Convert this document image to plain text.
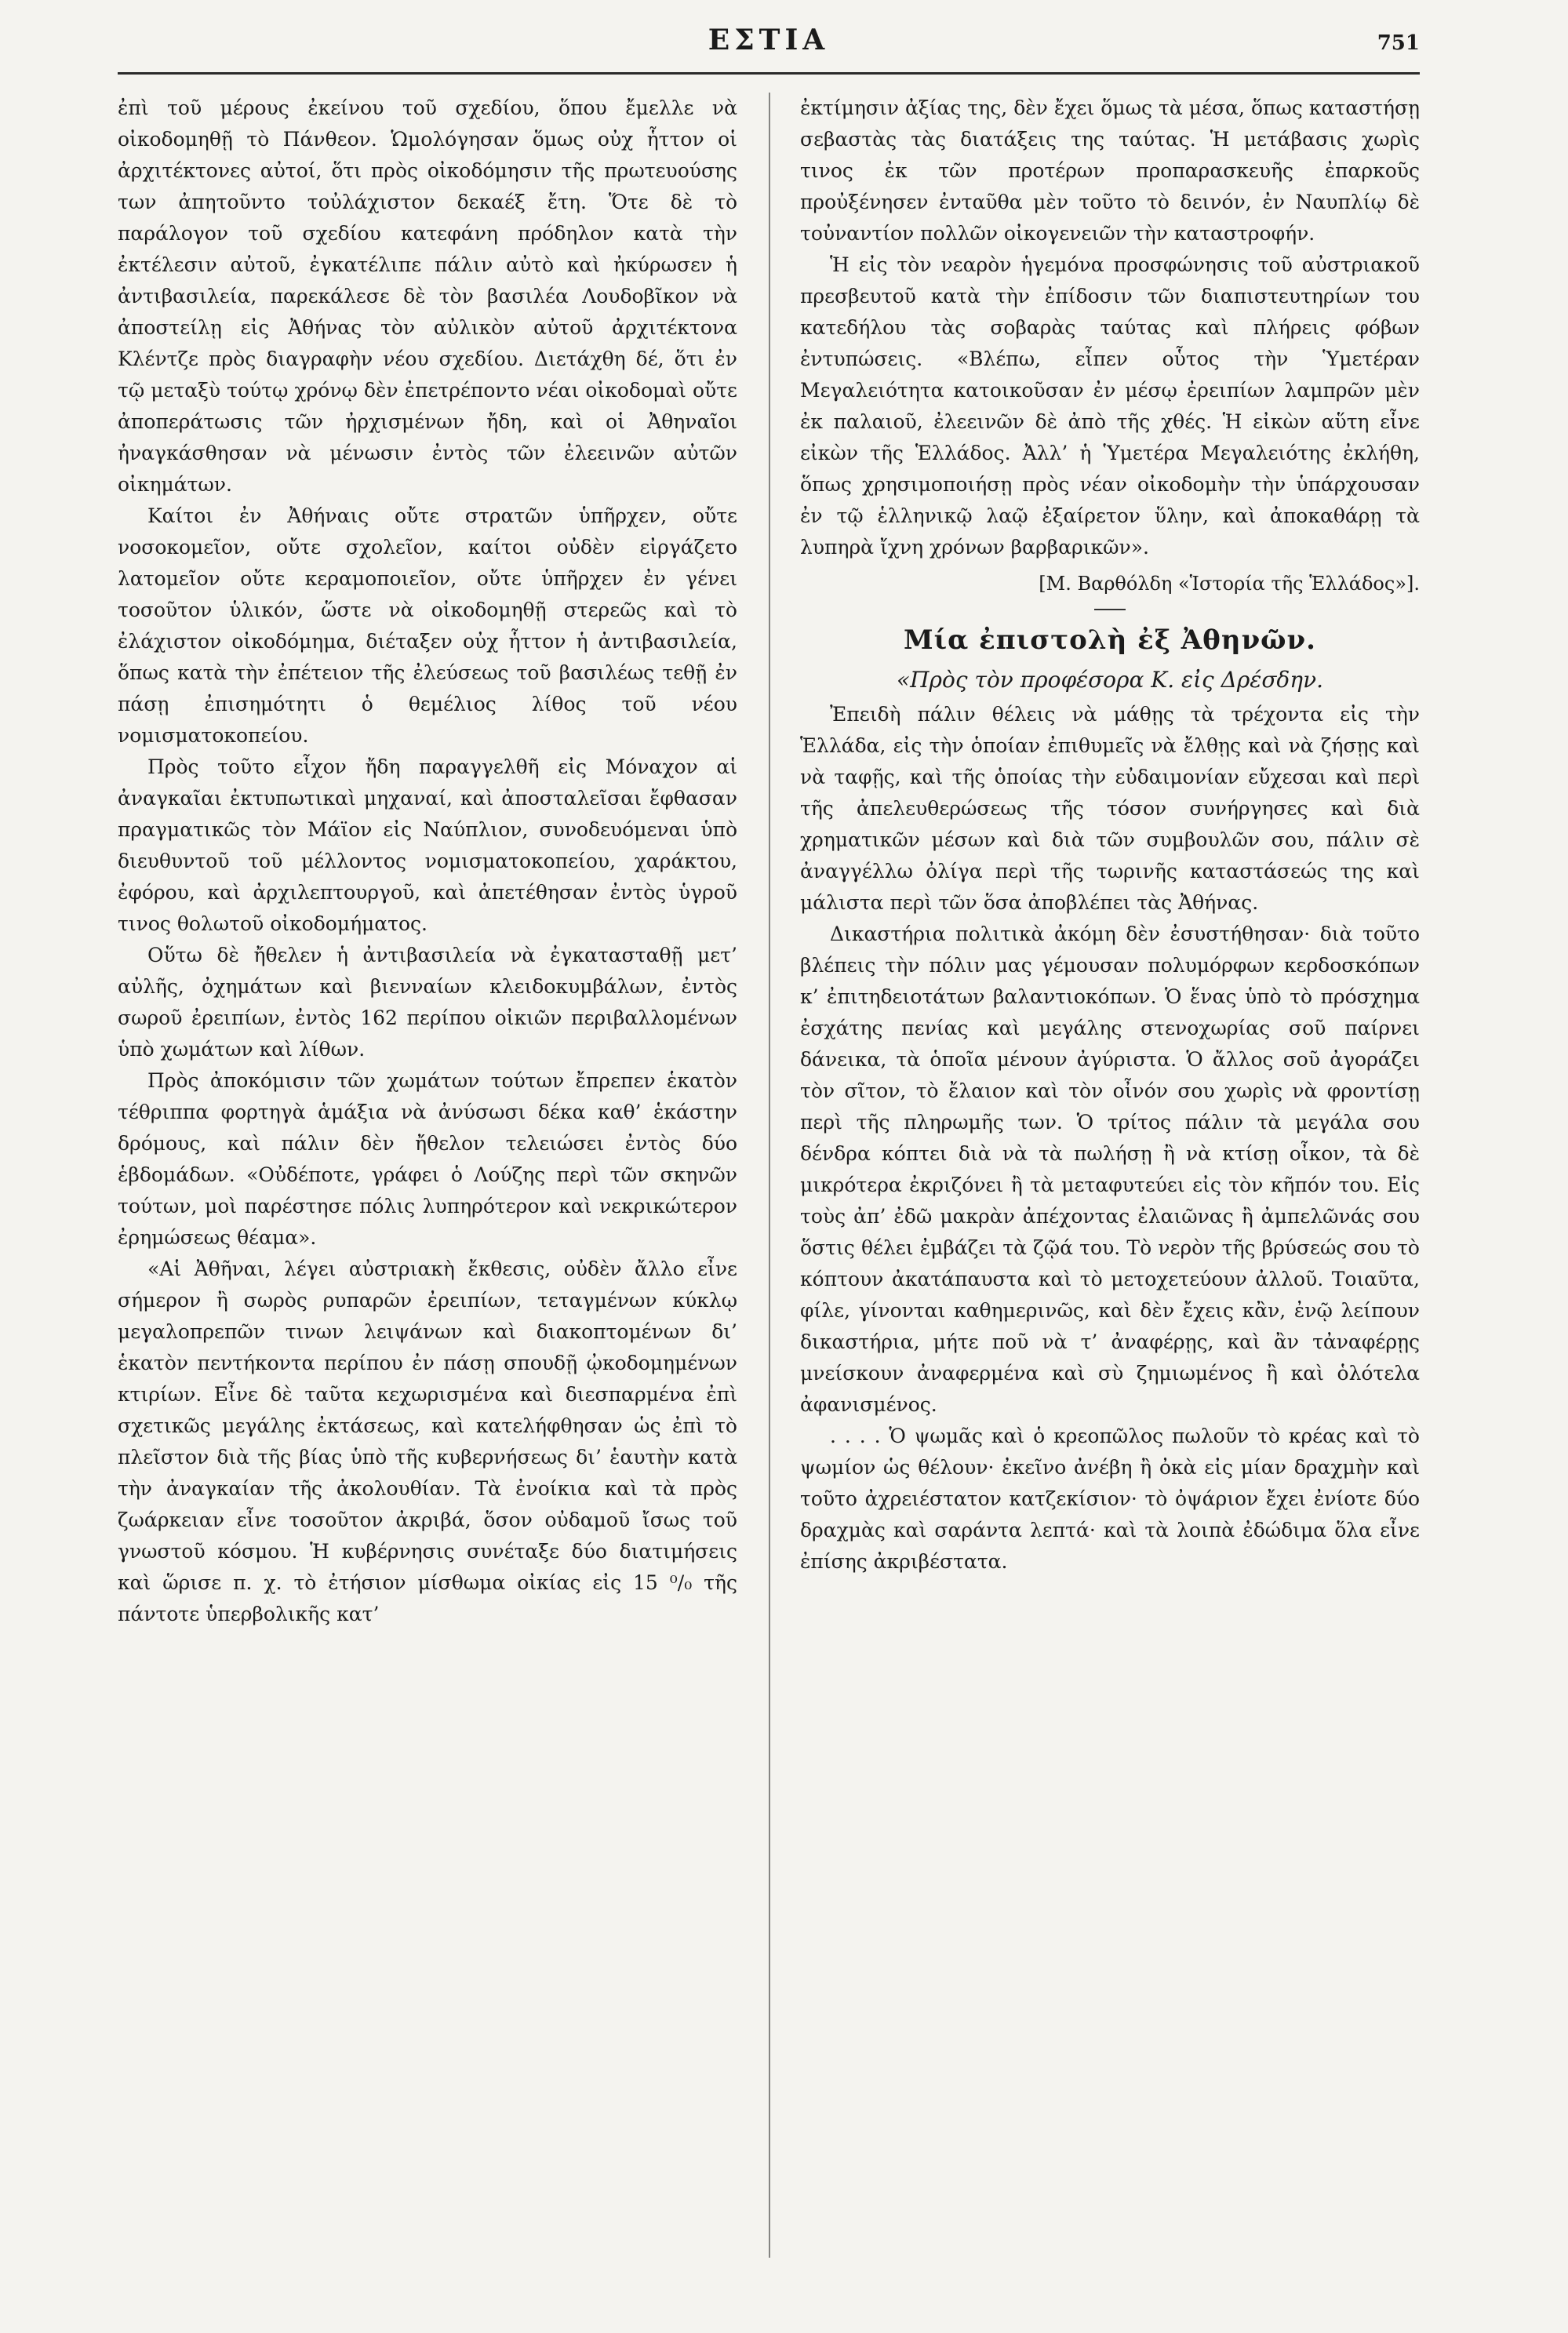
ΕΣΤΙΑ	751

ἐπὶ τοῦ μέρους ἐκείνου τοῦ σχεδίου, ὅπου ἔμελλε νὰ οἰκοδομηθῇ τὸ Πάνθεον. Ὡμολόγησαν ὅμως οὐχ ἧττον οἱ ἀρχιτέκτονες αὐτοί, ὅτι πρὸς οἰκοδόμησιν τῆς πρωτευούσης των ἀπητοῦντο τοὐλάχιστον δεκαέξ ἔτη. Ὅτε δὲ τὸ παράλογον τοῦ σχεδίου κατεφάνη πρόδηλον κατὰ τὴν ἐκτέλεσιν αὐτοῦ, ἐγκατέλιπε πάλιν αὐτὸ καὶ ἠκύρωσεν ἡ ἀντιβασιλεία, παρεκάλεσε δὲ τὸν βασιλέα Λουδοβῖκον νὰ ἀποστείλῃ εἰς Ἀθήνας τὸν αὐλικὸν αὐτοῦ ἀρχιτέκτονα Κλέντζε πρὸς διαγραφὴν νέου σχεδίου. Διετάχθη δέ, ὅτι ἐν τῷ μεταξὺ τούτῳ χρόνῳ δὲν ἐπετρέποντο νέαι οἰκοδομαὶ οὔτε ἀποπεράτωσις τῶν ἠρχισμένων ἤδη, καὶ οἱ Ἀθηναῖοι ἠναγκάσθησαν νὰ μένωσιν ἐντὸς τῶν ἐλεεινῶν αὐτῶν οἰκημάτων.

Καίτοι ἐν Ἀθήναις οὔτε στρατῶν ὑπῆρχεν, οὔτε νοσοκομεῖον, οὔτε σχολεῖον, καίτοι οὐδὲν εἰργάζετο λατομεῖον οὔτε κεραμοποιεῖον, οὔτε ὑπῆρχεν ἐν γένει τοσοῦτον ὑλικόν, ὥστε νὰ οἰκοδομηθῇ στερεῶς καὶ τὸ ἐλάχιστον οἰκοδόμημα, διέταξεν οὐχ ἧττον ἡ ἀντιβασιλεία, ὅπως κατὰ τὴν ἐπέτειον τῆς ἐλεύσεως τοῦ βασιλέως τεθῇ ἐν πάσῃ ἐπισημότητι ὁ θεμέλιος λίθος τοῦ νέου νομισματοκοπείου.

Πρὸς τοῦτο εἶχον ἤδη παραγγελθῆ εἰς Μόναχον αἱ ἀναγκαῖαι ἐκτυπωτικαὶ μηχαναί, καὶ ἀποσταλεῖσαι ἔφθασαν πραγματικῶς τὸν Μάϊον εἰς Ναύπλιον, συνοδευόμεναι ὑπὸ διευθυντοῦ τοῦ μέλλοντος νομισματοκοπείου, χαράκτου, ἐφόρου, καὶ ἀρχιλεπτουργοῦ, καὶ ἀπετέθησαν ἐντὸς ὑγροῦ τινος θολωτοῦ οἰκοδομήματος.

Οὕτω δὲ ἤθελεν ἡ ἀντιβασιλεία νὰ ἐγκατασταθῇ μετ’ αὐλῆς, ὀχημάτων καὶ βιενναίων κλειδοκυμβάλων, ἐντὸς σωροῦ ἐρειπίων, ἐντὸς 162 περίπου οἰκιῶν περιβαλλομένων ὑπὸ χωμάτων καὶ λίθων.

Πρὸς ἀποκόμισιν τῶν χωμάτων τούτων ἔπρεπεν ἑκατὸν τέθριππα φορτηγὰ ἁμάξια νὰ ἀνύσωσι δέκα καθ’ ἑκάστην δρόμους, καὶ πάλιν δὲν ἤθελον τελειώσει ἐντὸς δύο ἑβδομάδων. «Οὐδέποτε, γράφει ὁ Λούζης περὶ τῶν σκηνῶν τούτων, μοὶ παρέστησε πόλις λυπηρότερον καὶ νεκρικώτερον ἐρημώσεως θέαμα».

«Αἱ Ἀθῆναι, λέγει αὐστριακὴ ἔκθεσις, οὐδὲν ἄλλο εἶνε σήμερον ἢ σωρὸς ρυπαρῶν ἐρειπίων, τεταγμένων κύκλῳ μεγαλοπρεπῶν τινων λειψάνων καὶ διακοπτομένων δι’ ἑκατὸν πεντήκοντα περίπου ἐν πάσῃ σπουδῇ ᾠκοδομημένων κτιρίων. Εἶνε δὲ ταῦτα κεχωρισμένα καὶ διεσπαρμένα ἐπὶ σχετικῶς μεγάλης ἐκτάσεως, καὶ κατελήφθησαν ὡς ἐπὶ τὸ πλεῖστον διὰ τῆς βίας ὑπὸ τῆς κυβερνήσεως δι’ ἑαυτὴν κατὰ τὴν ἀναγκαίαν τῆς ἀκολουθίαν. Τὰ ἐνοίκια καὶ τὰ πρὸς ζωάρκειαν εἶνε τοσοῦτον ἀκριβά, ὅσον οὐδαμοῦ ἴσως τοῦ γνωστοῦ κόσμου. Ἡ κυβέρνησις συνέταξε δύο διατιμήσεις καὶ ὥρισε π. χ. τὸ ἐτήσιον μίσθωμα οἰκίας εἰς 15 ⁰/₀ τῆς πάντοτε ὑπερβολικῆς κατ’

ἐκτίμησιν ἀξίας της, δὲν ἔχει ὅμως τὰ μέσα, ὅπως καταστήσῃ σεβαστὰς τὰς διατάξεις της ταύτας. Ἡ μετάβασις χωρὶς τινος ἐκ τῶν προτέρων προπαρασκευῆς ἐπαρκοῦς προὐξένησεν ἐνταῦθα μὲν τοῦτο τὸ δεινόν, ἐν Ναυπλίῳ δὲ τοὐναντίον πολλῶν οἰκογενειῶν τὴν καταστροφήν.

Ἡ εἰς τὸν νεαρὸν ἡγεμόνα προσφώνησις τοῦ αὐστριακοῦ πρεσβευτοῦ κατὰ τὴν ἐπίδοσιν τῶν διαπιστευτηρίων του κατεδήλου τὰς σοβαρὰς ταύτας καὶ πλήρεις φόβων ἐντυπώσεις. «Βλέπω, εἶπεν οὗτος τὴν Ὑμετέραν Μεγαλειότητα κατοικοῦσαν ἐν μέσῳ ἐρειπίων λαμπρῶν μὲν ἐκ παλαιοῦ, ἐλεεινῶν δὲ ἀπὸ τῆς χθές. Ἡ εἰκὼν αὕτη εἶνε εἰκὼν τῆς Ἑλλάδος. Ἀλλ’ ἡ Ὑμετέρα Μεγαλειότης ἐκλήθη, ὅπως χρησιμοποιήσῃ πρὸς νέαν οἰκοδομὴν τὴν ὑπάρχουσαν ἐν τῷ ἑλληνικῷ λαῷ ἐξαίρετον ὕλην, καὶ ἀποκαθάρῃ τὰ λυπηρὰ ἴχνη χρόνων βαρβαρικῶν».

[Μ. Βαρθόλδη «Ἱστορία τῆς Ἑλλάδος»].

Μία ἐπιστολὴ ἐξ Ἀθηνῶν.
«Πρὸς τὸν προφέσορα Κ. εἰς Δρέσδην.

Ἐπειδὴ πάλιν θέλεις νὰ μάθῃς τὰ τρέχοντα εἰς τὴν Ἑλλάδα, εἰς τὴν ὁποίαν ἐπιθυμεῖς νὰ ἔλθῃς καὶ νὰ ζήσῃς καὶ νὰ ταφῇς, καὶ τῆς ὁποίας τὴν εὐδαιμονίαν εὔχεσαι καὶ περὶ τῆς ἀπελευθερώσεως τῆς τόσον συνήργησες καὶ διὰ χρηματικῶν μέσων καὶ διὰ τῶν συμβουλῶν σου, πάλιν σὲ ἀναγγέλλω ὀλίγα περὶ τῆς τωρινῆς καταστάσεώς της καὶ μάλιστα περὶ τῶν ὅσα ἀποβλέπει τὰς Ἀθήνας.

Δικαστήρια πολιτικὰ ἀκόμη δὲν ἐσυστήθησαν· διὰ τοῦτο βλέπεις τὴν πόλιν μας γέμουσαν πολυμόρφων κερδοσκόπων κ’ ἐπιτηδειοτάτων βαλαντιοκόπων. Ὁ ἕνας ὑπὸ τὸ πρόσχημα ἐσχάτης πενίας καὶ μεγάλης στενοχωρίας σοῦ παίρνει δάνεικα, τὰ ὁποῖα μένουν ἀγύριστα. Ὁ ἄλλος σοῦ ἀγοράζει τὸν σῖτον, τὸ ἔλαιον καὶ τὸν οἶνόν σου χωρὶς νὰ φροντίσῃ περὶ τῆς πληρωμῆς των. Ὁ τρίτος πάλιν τὰ μεγάλα σου δένδρα κόπτει διὰ νὰ τὰ πωλήσῃ ἢ νὰ κτίσῃ οἶκον, τὰ δὲ μικρότερα ἐκριζόνει ἢ τὰ μεταφυτεύει εἰς τὸν κῆπόν του. Εἰς τοὺς ἀπ’ ἐδῶ μακρὰν ἀπέχοντας ἐλαιῶνας ἢ ἀμπελῶνάς σου ὅστις θέλει ἐμβάζει τὰ ζῷά του. Τὸ νερὸν τῆς βρύσεώς σου τὸ κόπτουν ἀκατάπαυστα καὶ τὸ μετοχετεύουν ἀλλοῦ. Τοιαῦτα, φίλε, γίνονται καθημερινῶς, καὶ δὲν ἔχεις κἂν, ἐνῷ λείπουν δικαστήρια, μήτε ποῦ νὰ τ’ ἀναφέρῃς, καὶ ἂν τἀναφέρῃς μνείσκουν ἀναφερμένα καὶ σὺ ζημιωμένος ἢ καὶ ὁλότελα ἀφανισμένος.

. . . . Ὁ ψωμᾶς καὶ ὁ κρεοπῶλος πωλοῦν τὸ κρέας καὶ τὸ ψωμίον ὡς θέλουν· ἐκεῖνο ἀνέβη ἢ ὀκὰ εἰς μίαν δραχμὴν καὶ τοῦτο ἀχρειέστατον κατζεκίσιον· τὸ ὀψάριον ἔχει ἐνίοτε δύο δραχμὰς καὶ σαράντα λεπτά· καὶ τὰ λοιπὰ ἐδώδιμα ὅλα εἶνε ἐπίσης ἀκριβέστατα.
